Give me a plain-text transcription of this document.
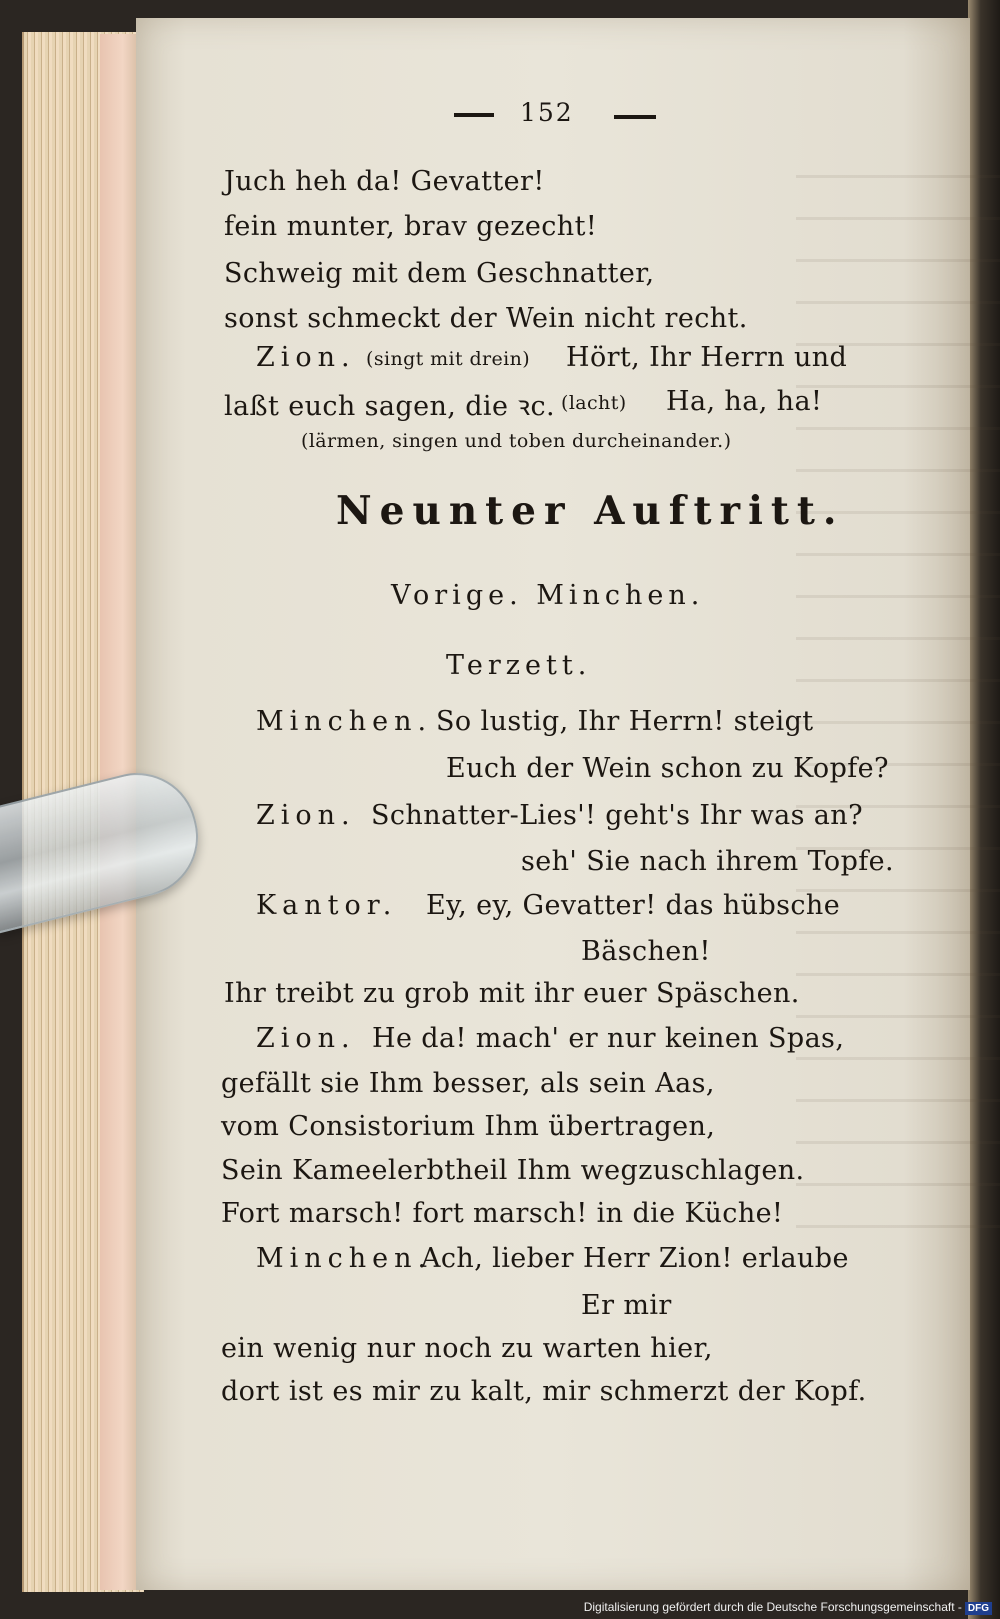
152
Juch heh da! Gevatter!
fein munter, brav gezecht!
Schweig mit dem Geschnatter,
sonst schmeckt der Wein nicht recht.
Zion. (singt mit drein) Hört, Ihr Herrn und
laßt euch sagen, die ꝛc. (lacht) Ha, ha, ha!
(lärmen, singen und toben durcheinander.)
Neunter Auftritt.
Vorige. Minchen.
Terzett.
Minchen. So lustig, Ihr Herrn! steigt
Euch der Wein schon zu Kopfe?
Zion. Schnatter-Lies'! geht's Ihr was an?
seh' Sie nach ihrem Topfe.
Kantor. Ey, ey, Gevatter! das hübsche
Bäschen!
Ihr treibt zu grob mit ihr euer Späschen.
Zion. He da! mach' er nur keinen Spas,
gefällt sie Ihm besser, als sein Aas,
vom Consistorium Ihm übertragen,
Sein Kameelerbtheil Ihm wegzuschlagen.
Fort marsch! fort marsch! in die Küche!
Minchen.
Ach, lieber Herr Zion! erlaube
Er mir
ein wenig nur noch zu warten hier,
dort ist es mir zu kalt, mir schmerzt der Kopf.
Digitalisierung gefördert durch die Deutsche Forschungsgemeinschaft - DFG
